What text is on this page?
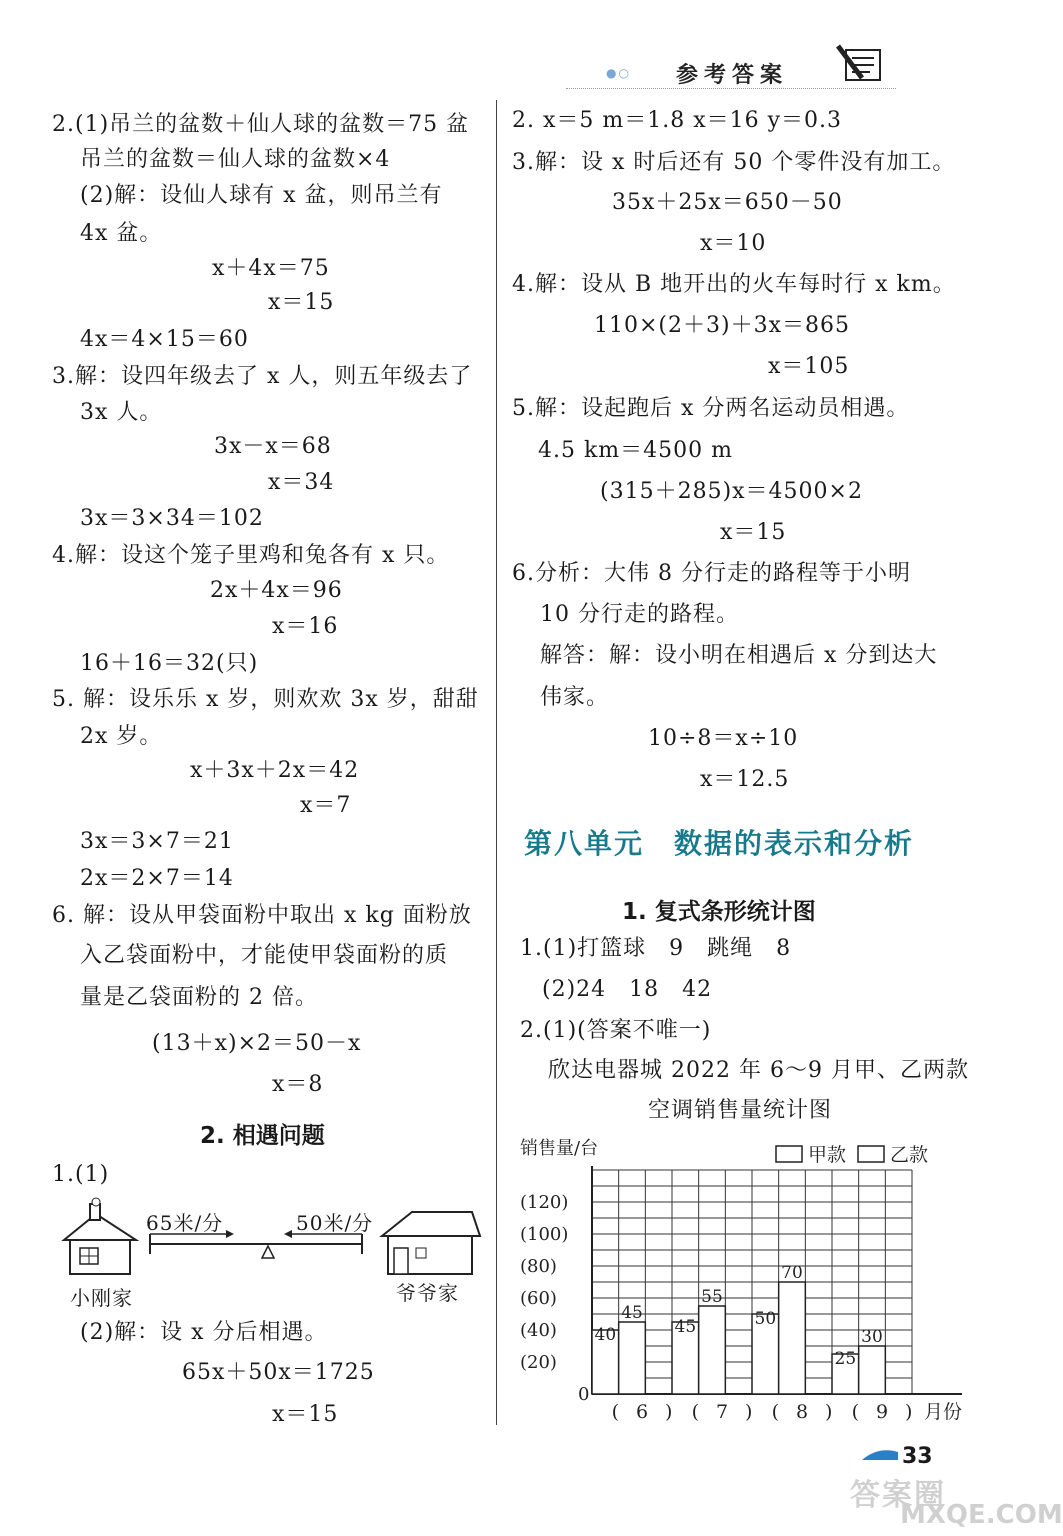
●○ 参考答案
2.(1)吊兰的盆数＋仙人球的盆数＝75 盆
吊兰的盆数＝仙人球的盆数×4
(2)解：设仙人球有 x 盆，则吊兰有
4x 盆。
x＋4x＝75
x＝15
4x＝4×15＝60
3.解：设四年级去了 x 人，则五年级去了
3x 人。
3x－x＝68
x＝34
3x＝3×34＝102
4.解：设这个笼子里鸡和兔各有 x 只。
2x＋4x＝96
x＝16
16＋16＝32(只)
5. 解：设乐乐 x 岁，则欢欢 3x 岁，甜甜
2x 岁。
x＋3x＋2x＝42
x＝7
3x＝3×7＝21
2x＝2×7＝14
6. 解：设从甲袋面粉中取出 x kg 面粉放
入乙袋面粉中，才能使甲袋面粉的质
量是乙袋面粉的 2 倍。
(13＋x)×2＝50－x
x＝8
2. 相遇问题
1.(1)
65米/分	50米/分
小刚家	爷爷家
(2)解：设 x 分后相遇。
65x＋50x＝1725
x＝15
2. x＝5 m＝1.8 x＝16 y＝0.3
3.解：设 x 时后还有 50 个零件没有加工。
35x＋25x＝650－50
x＝10
4.解：设从 B 地开出的火车每时行 x km。
110×(2＋3)＋3x＝865
x＝105
5.解：设起跑后 x 分两名运动员相遇。
4.5 km＝4500 m
(315＋285)x＝4500×2
x＝15
6.分析：大伟 8 分行走的路程等于小明
10 分行走的路程。
解答：解：设小明在相遇后 x 分到达大
伟家。
10÷8＝x÷10
x＝12.5
第八单元　数据的表示和分析
1. 复式条形统计图
1.(1)打篮球　9　跳绳　8
(2)24　18　42
2.(1)(答案不唯一)
欣达电器城 2022 年 6～9 月甲、乙两款
空调销售量统计图
销售量/台
0
(20)
(40)
(60)
(80)
(100)
(120)
40
45
45
55
50
70
25
30
( 6 ) ( 7 ) ( 8 ) ( 9 ) 月份
甲款 乙款
33
答案圈
MXQE.COM
